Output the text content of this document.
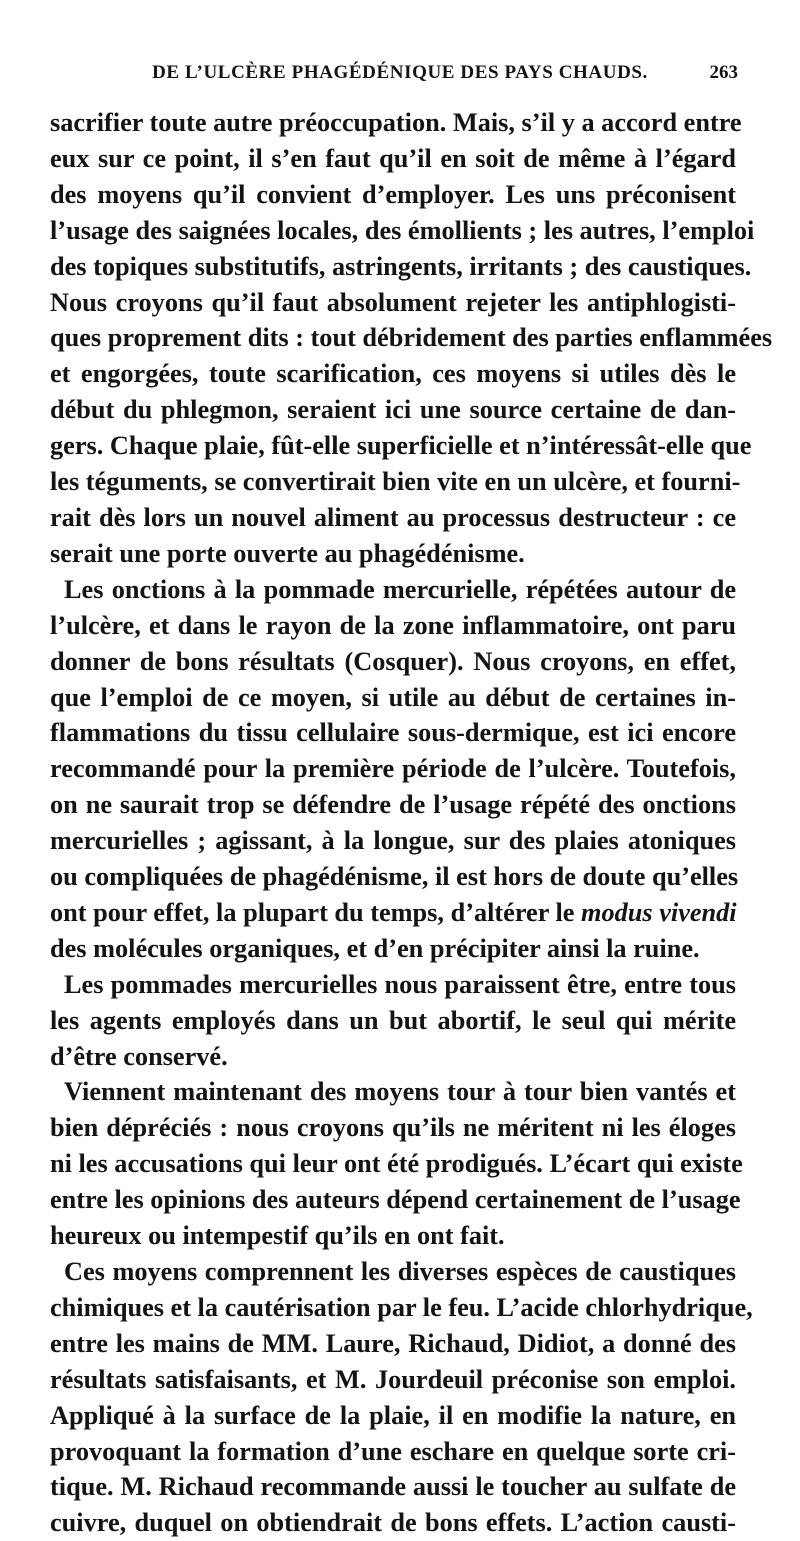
DE L’ULCÈRE PHAGÉDÉNIQUE DES PAYS CHAUDS.	263
sacrifier toute autre préoccupation. Mais, s’il y a accord entre
eux sur ce point, il s’en faut qu’il en soit de même à l’égard
des moyens qu’il convient d’employer. Les uns préconisent
l’usage des saignées locales, des émollients ; les autres, l’emploi
des topiques substitutifs, astringents, irritants ; des caustiques.
Nous croyons qu’il faut absolument rejeter les antiphlogisti-
ques proprement dits : tout débridement des parties enflammées
et engorgées, toute scarification, ces moyens si utiles dès le
début du phlegmon, seraient ici une source certaine de dan-
gers. Chaque plaie, fût-elle superficielle et n’intéressât-elle que
les téguments, se convertirait bien vite en un ulcère, et fourni-
rait dès lors un nouvel aliment au processus destructeur : ce
serait une porte ouverte au phagédénisme.
Les onctions à la pommade mercurielle, répétées autour de
l’ulcère, et dans le rayon de la zone inflammatoire, ont paru
donner de bons résultats (Cosquer). Nous croyons, en effet,
que l’emploi de ce moyen, si utile au début de certaines in-
flammations du tissu cellulaire sous-dermique, est ici encore
recommandé pour la première période de l’ulcère. Toutefois,
on ne saurait trop se défendre de l’usage répété des onctions
mercurielles ; agissant, à la longue, sur des plaies atoniques
ou compliquées de phagédénisme, il est hors de doute qu’elles
ont pour effet, la plupart du temps, d’altérer le modus vivendi
des molécules organiques, et d’en précipiter ainsi la ruine.
Les pommades mercurielles nous paraissent être, entre tous
les agents employés dans un but abortif, le seul qui mérite
d’être conservé.
Viennent maintenant des moyens tour à tour bien vantés et
bien dépréciés : nous croyons qu’ils ne méritent ni les éloges
ni les accusations qui leur ont été prodigués. L’écart qui existe
entre les opinions des auteurs dépend certainement de l’usage
heureux ou intempestif qu’ils en ont fait.
Ces moyens comprennent les diverses espèces de caustiques
chimiques et la cautérisation par le feu. L’acide chlorhydrique,
entre les mains de MM. Laure, Richaud, Didiot, a donné des
résultats satisfaisants, et M. Jourdeuil préconise son emploi.
Appliqué à la surface de la plaie, il en modifie la nature, en
provoquant la formation d’une eschare en quelque sorte cri-
tique. M. Richaud recommande aussi le toucher au sulfate de
cuivre, duquel on obtiendrait de bons effets. L’action causti-
